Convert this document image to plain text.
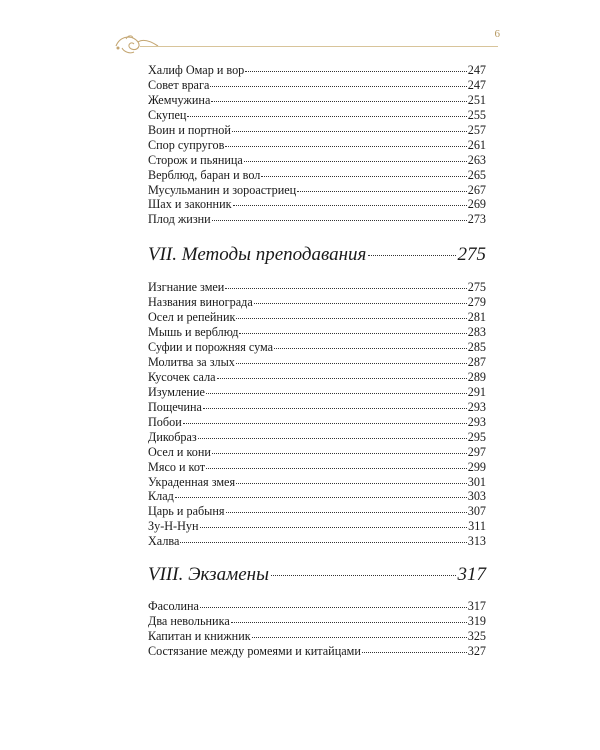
6
Халиф Омар и вор	247
Совет врага	247
Жемчужина	251
Скупец	255
Воин и портной	257
Спор супругов	261
Сторож и пьяница	263
Верблюд, баран и вол	265
Мусульманин и зороастриец	267
Шах и законник	269
Плод жизни	273
VII. Методы преподавания	275
Изгнание змеи	275
Названия винограда	279
Осел и репейник	281
Мышь и верблюд	283
Суфии и порожняя сума	285
Молитва за злых	287
Кусочек сала	289
Изумление	291
Пощечина	293
Побои	293
Дикобраз	295
Осел и кони	297
Мясо и кот	299
Украденная змея	301
Клад	303
Царь и рабыня	307
Зу-Н-Нун	311
Халва	313
VIII. Экзамены	317
Фасолина	317
Два невольника	319
Капитан и книжник	325
Состязание между ромеями и китайцами	327
